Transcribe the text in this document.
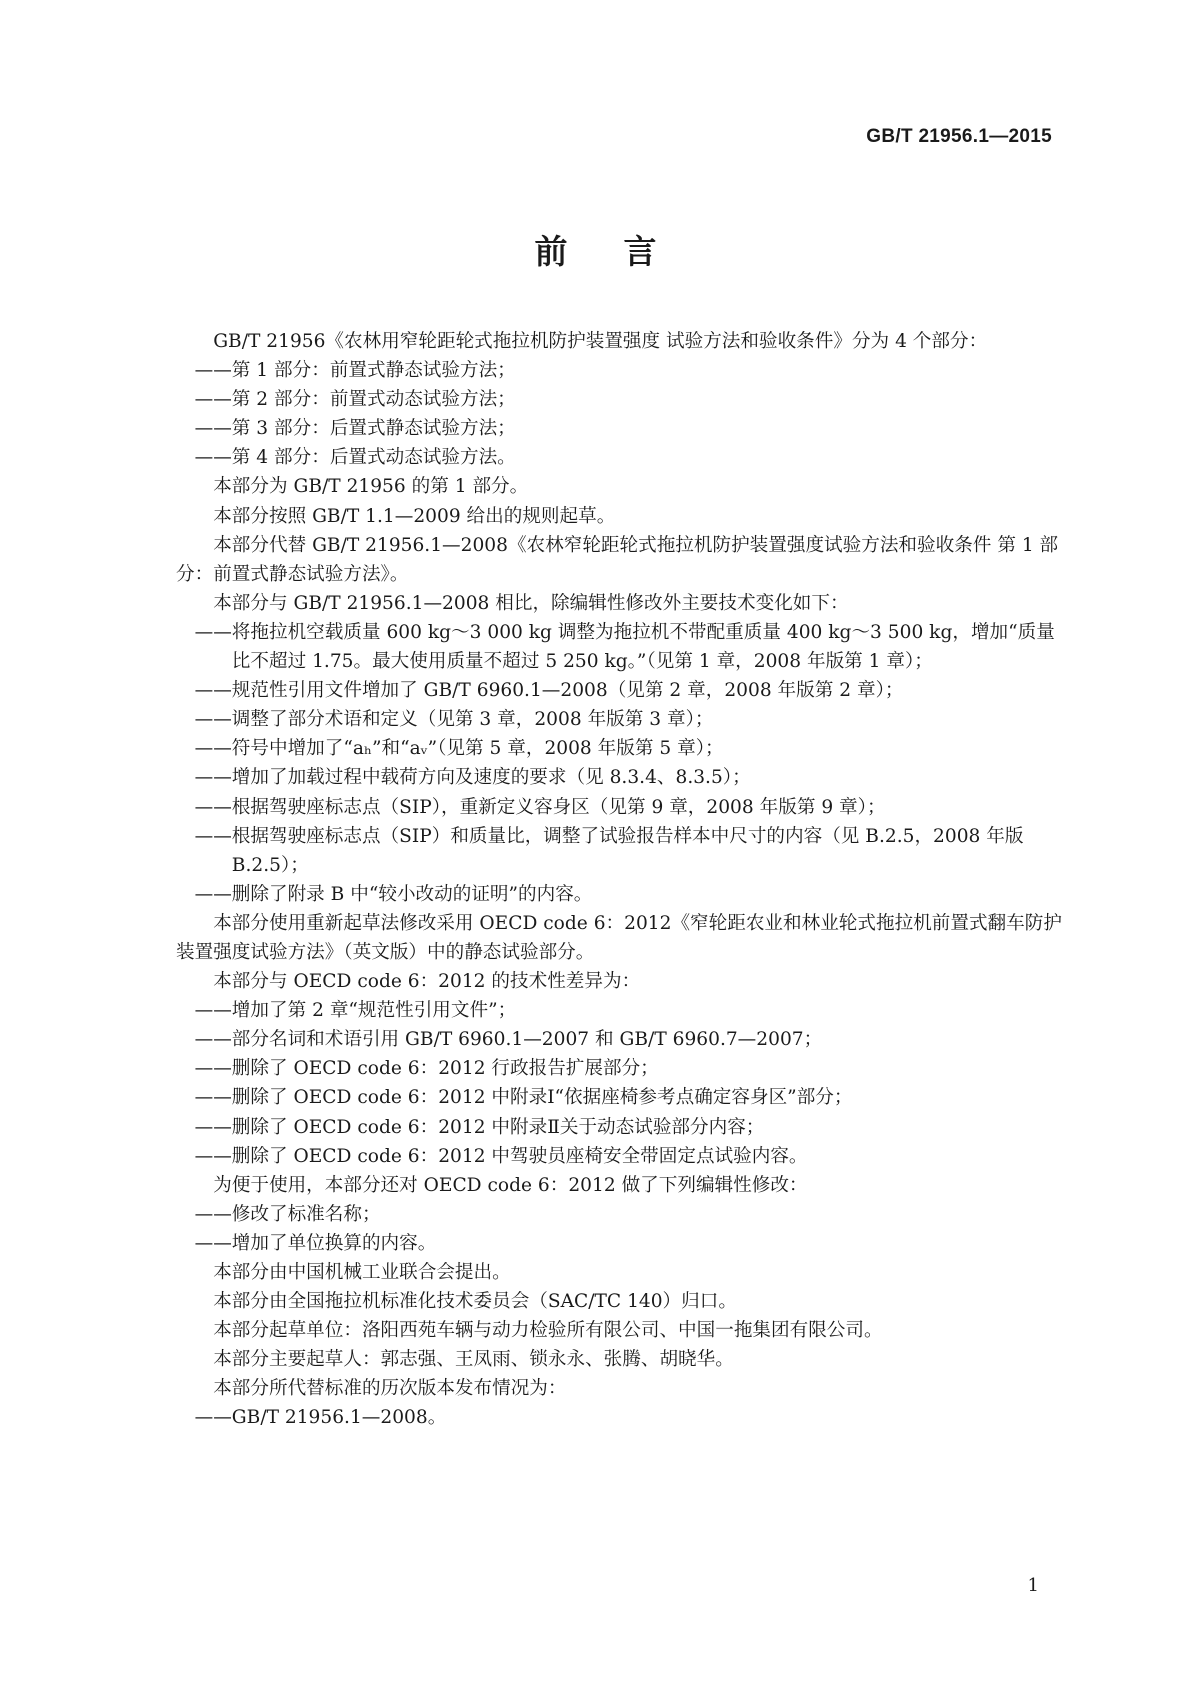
GB/T 21956.1—2015
前言

GB/T 21956《农林用窄轮距轮式拖拉机防护装置强度 试验方法和验收条件》分为 4 个部分：

——第 1 部分：前置式静态试验方法；

——第 2 部分：前置式动态试验方法；

——第 3 部分：后置式静态试验方法；

——第 4 部分：后置式动态试验方法。

本部分为 GB/T 21956 的第 1 部分。

本部分按照 GB/T 1.1—2009 给出的规则起草。

本部分代替 GB/T 21956.1—2008《农林窄轮距轮式拖拉机防护装置强度试验方法和验收条件 第 1 部分：前置式静态试验方法》。

本部分与 GB/T 21956.1—2008 相比，除编辑性修改外主要技术变化如下：

——将拖拉机空载质量 600 kg～3 000 kg 调整为拖拉机不带配重质量 400 kg～3 500 kg，增加“质量比不超过 1.75。最大使用质量不超过 5 250 kg。”（见第 1 章，2008 年版第 1 章）；

——规范性引用文件增加了 GB/T 6960.1—2008（见第 2 章，2008 年版第 2 章）；

——调整了部分术语和定义（见第 3 章，2008 年版第 3 章）；

——符号中增加了“aₕ”和“aᵥ”（见第 5 章，2008 年版第 5 章）；

——增加了加载过程中载荷方向及速度的要求（见 8.3.4、8.3.5）；

——根据驾驶座标志点（SIP），重新定义容身区（见第 9 章，2008 年版第 9 章）；

——根据驾驶座标志点（SIP）和质量比，调整了试验报告样本中尺寸的内容（见 B.2.5，2008 年版 B.2.5）；

——删除了附录 B 中“较小改动的证明”的内容。

本部分使用重新起草法修改采用 OECD code 6：2012《窄轮距农业和林业轮式拖拉机前置式翻车防护装置强度试验方法》（英文版）中的静态试验部分。

本部分与 OECD code 6：2012 的技术性差异为：

——增加了第 2 章“规范性引用文件”；

——部分名词和术语引用 GB/T 6960.1—2007 和 GB/T 6960.7—2007；

——删除了 OECD code 6：2012 行政报告扩展部分；

——删除了 OECD code 6：2012 中附录Ⅰ“依据座椅参考点确定容身区”部分；

——删除了 OECD code 6：2012 中附录Ⅱ关于动态试验部分内容；

——删除了 OECD code 6：2012 中驾驶员座椅安全带固定点试验内容。

为便于使用，本部分还对 OECD code 6：2012 做了下列编辑性修改：

——修改了标准名称；

——增加了单位换算的内容。

本部分由中国机械工业联合会提出。

本部分由全国拖拉机标准化技术委员会（SAC/TC 140）归口。

本部分起草单位：洛阳西苑车辆与动力检验所有限公司、中国一拖集团有限公司。

本部分主要起草人：郭志强、王凤雨、锁永永、张腾、胡晓华。

本部分所代替标准的历次版本发布情况为：

——GB/T 21956.1—2008。

1
